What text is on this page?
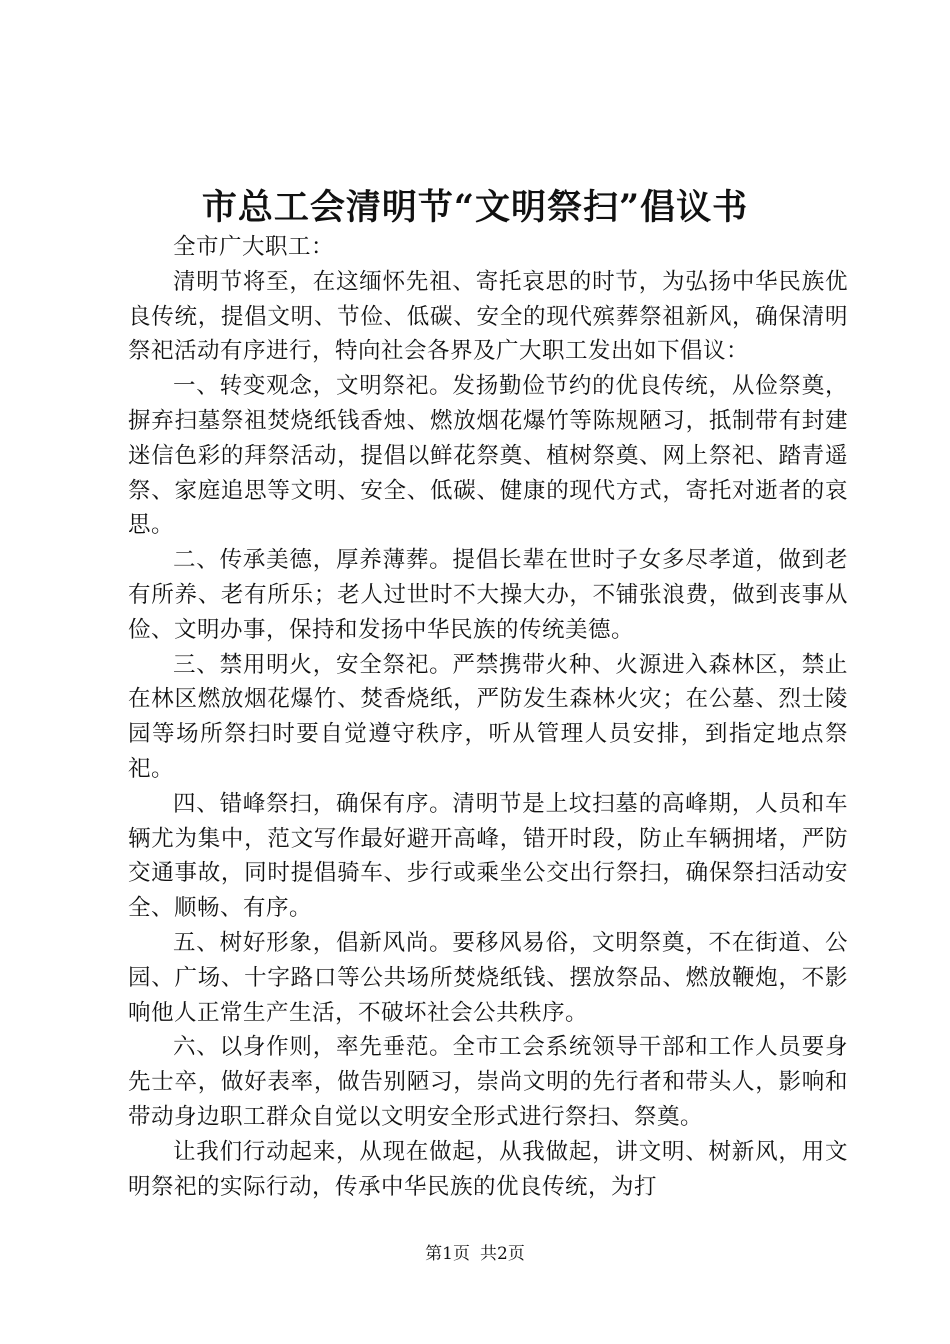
市总工会清明节“文明祭扫”倡议书

全市广大职工：

清明节将至，在这缅怀先祖、寄托哀思的时节，为弘扬中华民族优良传统，提倡文明、节俭、低碳、安全的现代殡葬祭祖新风，确保清明祭祀活动有序进行，特向社会各界及广大职工发出如下倡议：

一、转变观念，文明祭祀。发扬勤俭节约的优良传统，从俭祭奠，摒弃扫墓祭祖焚烧纸钱香烛、燃放烟花爆竹等陈规陋习，抵制带有封建迷信色彩的拜祭活动，提倡以鲜花祭奠、植树祭奠、网上祭祀、踏青遥祭、家庭追思等文明、安全、低碳、健康的现代方式，寄托对逝者的哀思。

二、传承美德，厚养薄葬。提倡长辈在世时子女多尽孝道，做到老有所养、老有所乐；老人过世时不大操大办，不铺张浪费，做到丧事从俭、文明办事，保持和发扬中华民族的传统美德。

三、禁用明火，安全祭祀。严禁携带火种、火源进入森林区，禁止在林区燃放烟花爆竹、焚香烧纸，严防发生森林火灾；在公墓、烈士陵园等场所祭扫时要自觉遵守秩序，听从管理人员安排，到指定地点祭祀。

四、错峰祭扫，确保有序。清明节是上坟扫墓的高峰期，人员和车辆尤为集中，范文写作最好避开高峰，错开时段，防止车辆拥堵，严防交通事故，同时提倡骑车、步行或乘坐公交出行祭扫，确保祭扫活动安全、顺畅、有序。

五、树好形象，倡新风尚。要移风易俗，文明祭奠，不在街道、公园、广场、十字路口等公共场所焚烧纸钱、摆放祭品、燃放鞭炮，不影响他人正常生产生活，不破坏社会公共秩序。

六、以身作则，率先垂范。全市工会系统领导干部和工作人员要身先士卒，做好表率，做告别陋习，崇尚文明的先行者和带头人，影响和带动身边职工群众自觉以文明安全形式进行祭扫、祭奠。

让我们行动起来，从现在做起，从我做起，讲文明、树新风，用文明祭祀的实际行动，传承中华民族的优良传统，为打

第1页 共2页
